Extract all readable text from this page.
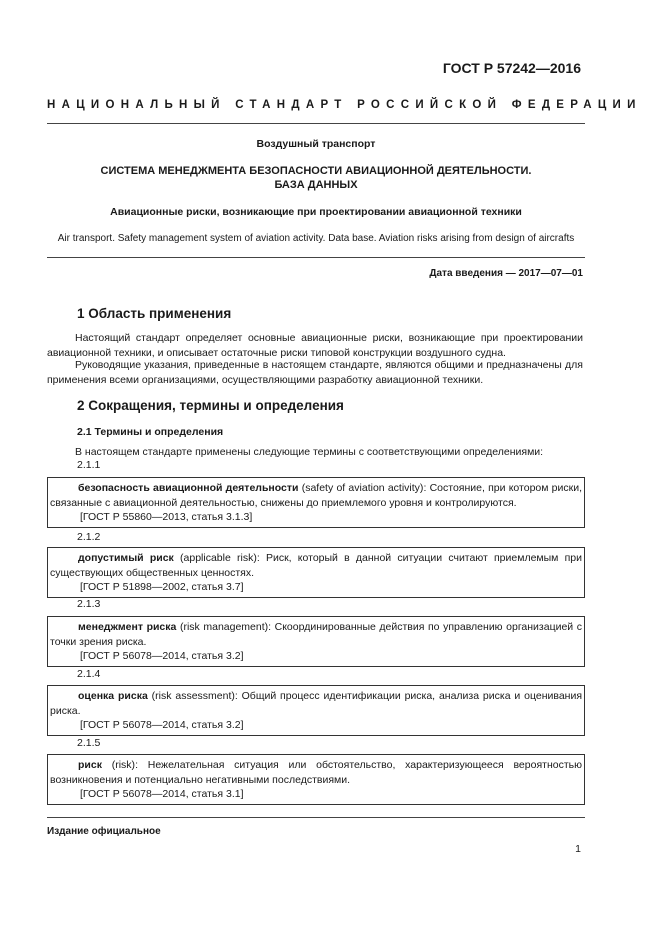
ГОСТ Р 57242—2016
НАЦИОНАЛЬНЫЙ СТАНДАРТ РОССИЙСКОЙ ФЕДЕРАЦИИ
Воздушный транспорт
СИСТЕМА МЕНЕДЖМЕНТА БЕЗОПАСНОСТИ АВИАЦИОННОЙ ДЕЯТЕЛЬНОСТИ.
БАЗА ДАННЫХ
Авиационные риски, возникающие при проектировании авиационной техники
Air transport. Safety management system of aviation activity. Data base. Aviation risks arising from design of aircrafts
Дата введения — 2017—07—01
1 Область применения
Настоящий стандарт определяет основные авиационные риски, возникающие при проектировании авиационной техники, и описывает остаточные риски типовой конструкции воздушного судна.
Руководящие указания, приведенные в настоящем стандарте, являются общими и предназначены для применения всеми организациями, осуществляющими разработку авиационной техники.
2 Сокращения, термины и определения
2.1 Термины и определения
В настоящем стандарте применены следующие термины с соответствующими определениями:
2.1.1

безопасность авиационной деятельности (safety of aviation activity): Состояние, при котором риски, связанные с авиационной деятельностью, снижены до приемлемого уровня и контролируются.

[ГОСТ Р 55860—2013, статья 3.1.3]

2.1.2

допустимый риск (applicable risk): Риск, который в данной ситуации считают приемлемым при существующих общественных ценностях.

[ГОСТ Р 51898—2002, статья 3.7]

2.1.3

менеджмент риска (risk management): Скоординированные действия по управлению организацией с точки зрения риска.

[ГОСТ Р 56078—2014, статья 3.2]

2.1.4

оценка риска (risk assessment): Общий процесс идентификации риска, анализа риска и оценивания риска.

[ГОСТ Р 56078—2014, статья 3.2]

2.1.5

риск (risk): Нежелательная ситуация или обстоятельство, характеризующееся вероятностью возникновения и потенциально негативными последствиями.

[ГОСТ Р 56078—2014, статья 3.1]

Издание официальное
1
